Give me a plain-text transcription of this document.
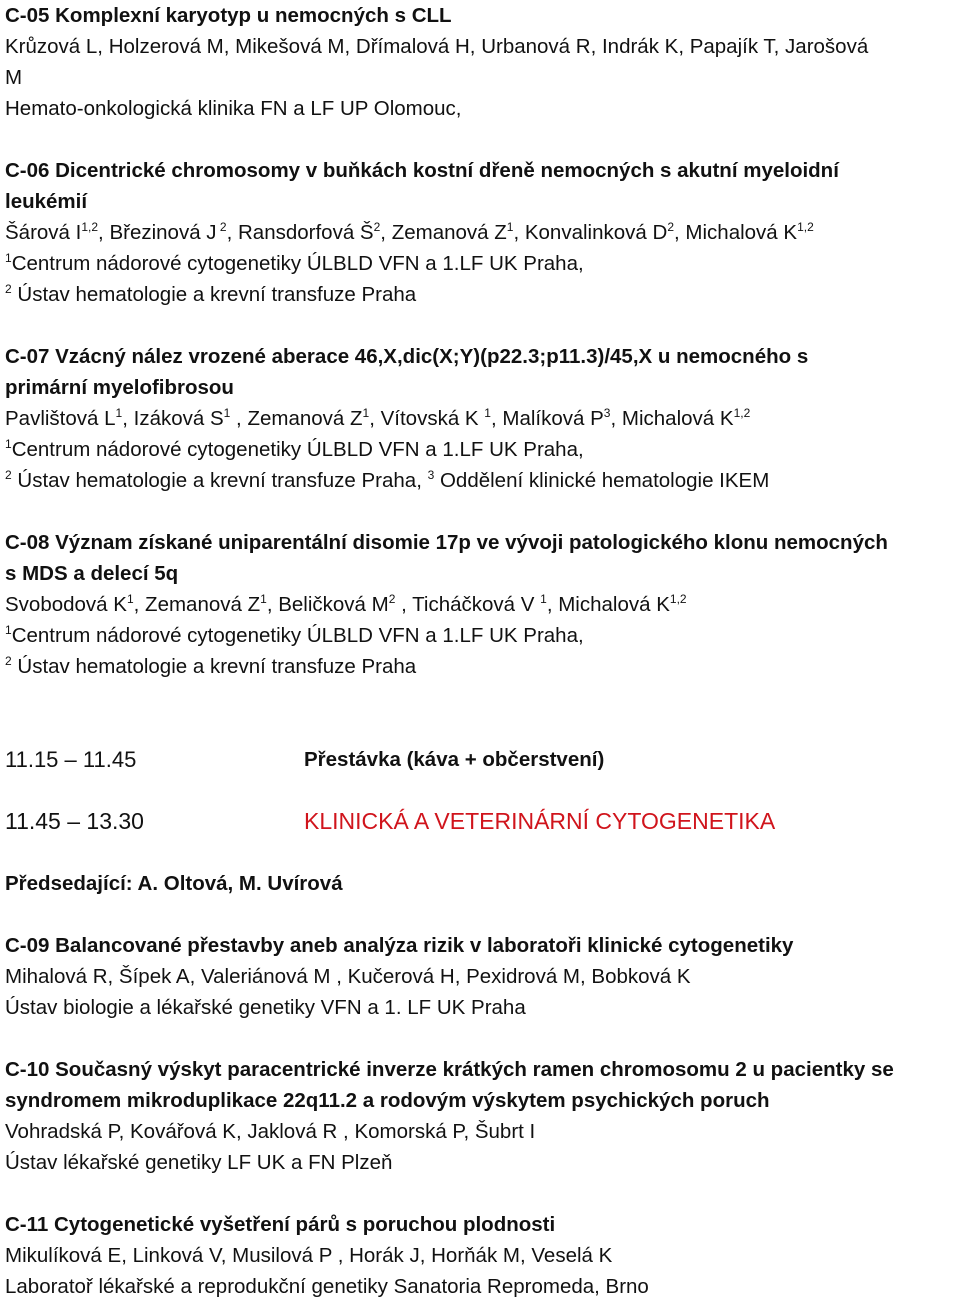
C-05 Komplexní karyotyp u nemocných s CLL
Krůzová L, Holzerová M, Mikešová M, Dřímalová H, Urbanová R, Indrák K, Papajík T, Jarošová
M
Hemato-onkologická klinika FN a LF UP Olomouc,
C-06 Dicentrické chromosomy v buňkách kostní dřeně nemocných s akutní myeloidní
leukémií
Šárová I$^{1,2}$, Březinová J $^2$, Ransdorfová $Š^2$, Zemanová $Z^1$, Konvalinková $D^2$, Michalová K$^{1,2}$
$^1$Centrum nádorové cytogenetiky ÚLBLD VFN a 1.LF UK Praha,
$^2$ Ústav hematologie a krevní transfuze Praha
C-07 Vzácný nález vrozené aberace 46,X,dic(X;Y)(p22.3;p11.3)/45,X u nemocného s
primární myelofibrosou
Pavlištová $L^1$, Izáková $S^1$ , Zemanová $Z^1$, Vítovská K $^1$, Malíková $P^3$, Michalová K$^{1,2}$
$^1$Centrum nádorové cytogenetiky ÚLBLD VFN a 1.LF UK Praha,
$^2$ Ústav hematologie a krevní transfuze Praha, $^3$ Oddělení klinické hematologie IKEM
C-08 Význam získané uniparentální disomie 17p ve vývoji patologického klonu nemocných
s MDS a delecí 5q
Svobodová $K^1$, Zemanová $Z^1$, Beličková $M^2$ , Ticháčková V $^1$, Michalová K$^{1,2}$
$^1$Centrum nádorové cytogenetiky ÚLBLD VFN a 1.LF UK Praha,
$^2$ Ústav hematologie a krevní transfuze Praha
11.15 – 11.45	Přestávka (káva + občerstvení)
11.45 – 13.30	KLINICKÁ A VETERINÁRNÍ CYTOGENETIKA
Předsedající: A. Oltová, M. Uvírová
C-09 Balancované přestavby aneb analýza rizik v laboratoři klinické cytogenetiky
Mihalová R, Šípek A, Valeriánová M , Kučerová H, Pexidrová M, Bobková K
Ústav biologie a lékařské genetiky VFN a 1. LF UK Praha
C-10 Současný výskyt paracentrické inverze krátkých ramen chromosomu 2 u pacientky se
syndromem mikroduplikace 22q11.2 a rodovým výskytem psychických poruch
Vohradská P, Kovářová K, Jaklová R , Komorská P, Šubrt I
Ústav lékařské genetiky LF UK a FN Plzeň
C-11 Cytogenetické vyšetření párů s poruchou plodnosti
Mikulíková E, Linková V, Musilová P , Horák J, Horňák M, Veselá K
Laboratoř lékařské a reprodukční genetiky Sanatoria Repromeda, Brno
